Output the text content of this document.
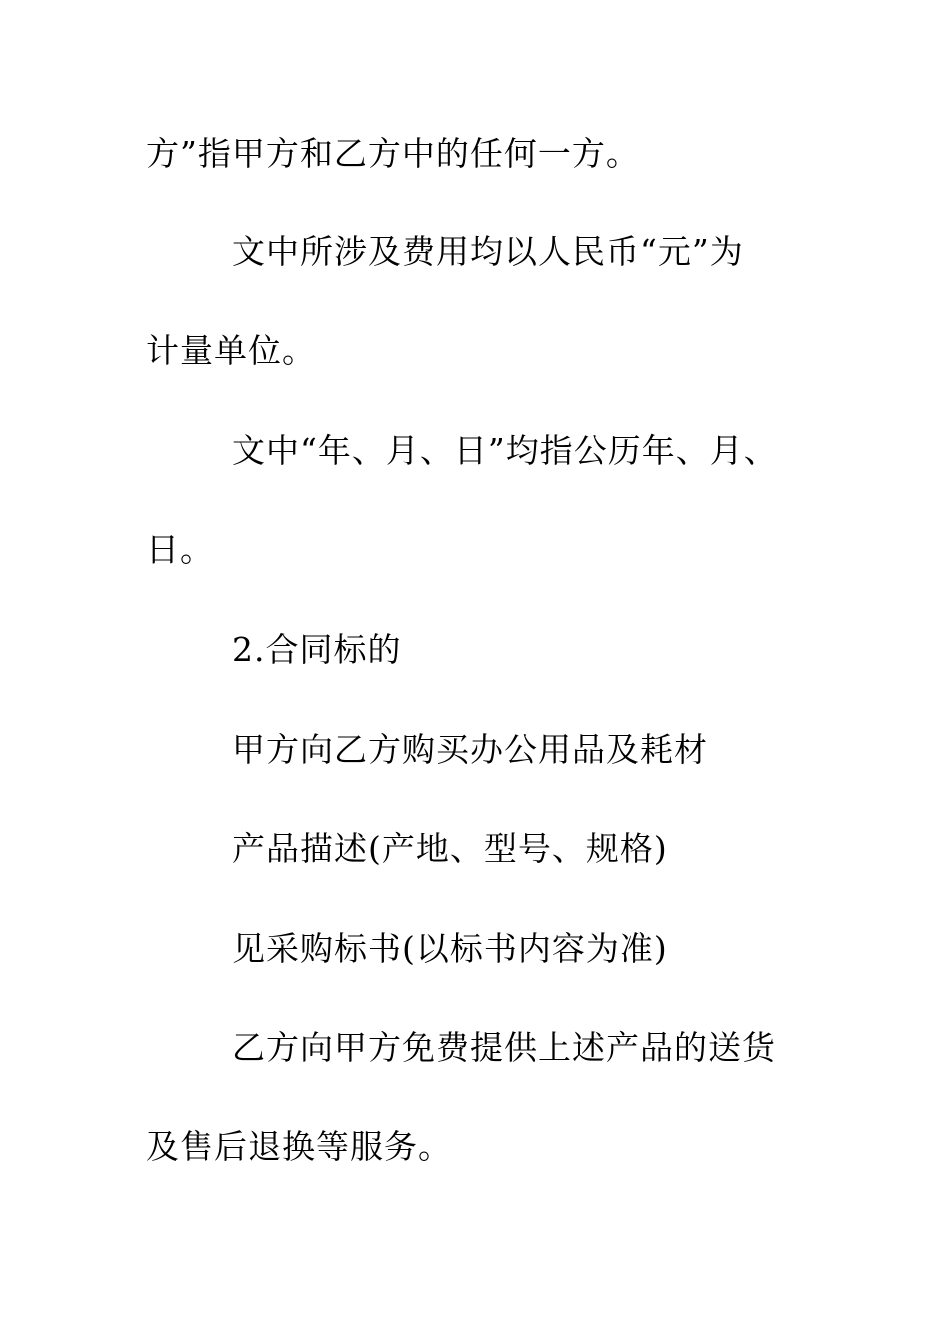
方”指甲方和乙方中的任何一方。

文中所涉及费用均以人民币“元”为

计量单位。

文中“年、月、日”均指公历年、月、

日。

2.合同标的

甲方向乙方购买办公用品及耗材

产品描述(产地、型号、规格)

见采购标书(以标书内容为准)

乙方向甲方免费提供上述产品的送货

及售后退换等服务。
